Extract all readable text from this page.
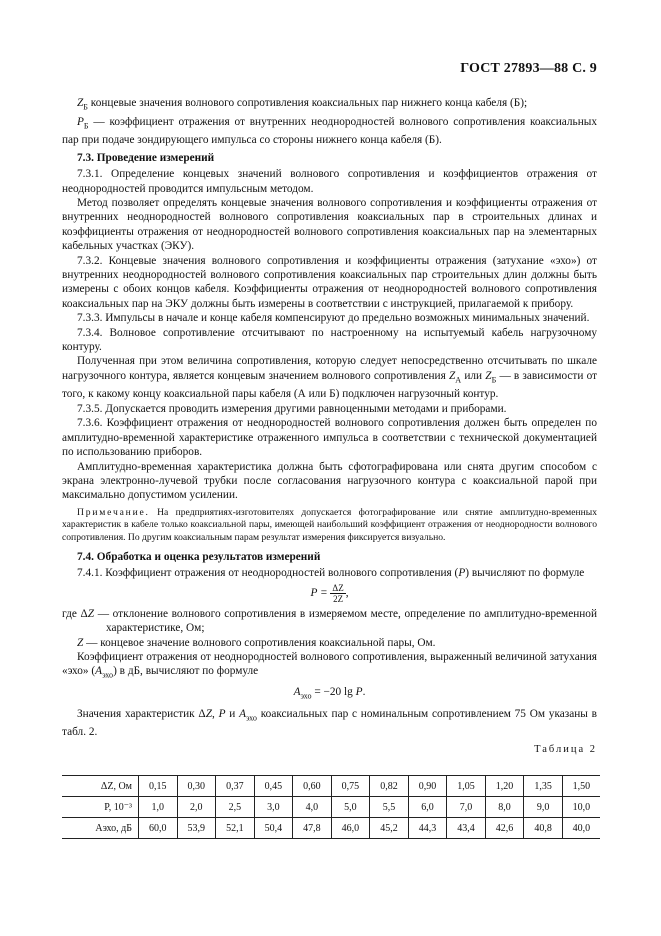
ГОСТ 27893—88 С. 9

$Z_Б$ концевые значения волнового сопротивления коаксиальных пар нижнего конца кабеля (Б);

$P_Б$ — коэффициент отражения от внутренних неоднородностей волнового сопротивления коаксиальных пар при подаче зондирующего импульса со стороны нижнего конца кабеля (Б).

7.3. Проведение измерений

7.3.1. Определение концевых значений волнового сопротивления и коэффициентов отражения от неоднородностей проводится импульсным методом.

Метод позволяет определять концевые значения волнового сопротивления и коэффициенты отражения от внутренних неоднородностей волнового сопротивления коаксиальных пар в строительных длинах и коэффициенты отражения от неоднородностей волнового сопротивления коаксиальных пар на элементарных кабельных участках (ЭКУ).

7.3.2. Концевые значения волнового сопротивления и коэффициенты отражения (затухание «эхо») от внутренних неоднородностей волнового сопротивления коаксиальных пар строительных длин должны быть измерены с обоих концов кабеля. Коэффициенты отражения от неоднородностей волнового сопротивления коаксиальных пар на ЭКУ должны быть измерены в соответствии с инструкцией, прилагаемой к прибору.

7.3.3. Импульсы в начале и конце кабеля компенсируют до предельно возможных минимальных значений.

7.3.4. Волновое сопротивление отсчитывают по настроенному на испытуемый кабель нагрузочному контуру.

Полученная при этом величина сопротивления, которую следует непосредственно отсчитывать по шкале нагрузочного контура, является концевым значением волнового сопротивления $Z_А$ или $Z_Б$ — в зависимости от того, к какому концу коаксиальной пары кабеля (А или Б) подключен нагрузочный контур.

7.3.5. Допускается проводить измерения другими равноценными методами и приборами.

7.3.6. Коэффициент отражения от неоднородностей волнового сопротивления должен быть определен по амплитудно-временной характеристике отраженного импульса в соответствии с технической документацией по использованию приборов.

Амплитудно-временная характеристика должна быть сфотографирована или снята другим способом с экрана электронно-лучевой трубки после согласования нагрузочного контура с коаксиальной парой при максимально допустимом усилении.

Примечание. На предприятиях-изготовителях допускается фотографирование или снятие амплитудно-временных характеристик в кабеле только коаксиальной пары, имеющей наибольший коэффициент отражения от неоднородности волнового сопротивления. По другим коаксиальным парам результат измерения фиксируется визуально.

7.4. Обработка и оценка результатов измерений

7.4.1. Коэффициент отражения от неоднородностей волнового сопротивления (P) вычисляют по формуле

$P = \frac{\Delta Z}{2Z}$ ,

где ΔZ — отклонение волнового сопротивления в измеряемом месте, определение по амплитудно-временной характеристике, Ом;

Z — концевое значение волнового сопротивления коаксиальной пары, Ом.

Коэффициент отражения от неоднородностей волнового сопротивления, выраженный величиной затухания «эхо» $(A_{эхо})$ в дБ, вычисляют по формуле

$A_{эхо} = -20$ lg P.

Значения характеристик ΔZ, P и $A_{эхо}$ коаксиальных пар с номинальным сопротивлением 75 Ом указаны в табл. 2.

Таблица 2

ΔZ, Ом	0,15	0,30	0,37	0,45	0,60	0,75	0,82	0,90	1,05	1,20	1,35	1,50
P, 10⁻³	1,0	2,0	2,5	3,0	4,0	5,0	5,5	6,0	7,0	8,0	9,0	10,0
Aэхо, дБ	60,0	53,9	52,1	50,4	47,8	46,0	45,2	44,3	43,4	42,6	40,8	40,0
